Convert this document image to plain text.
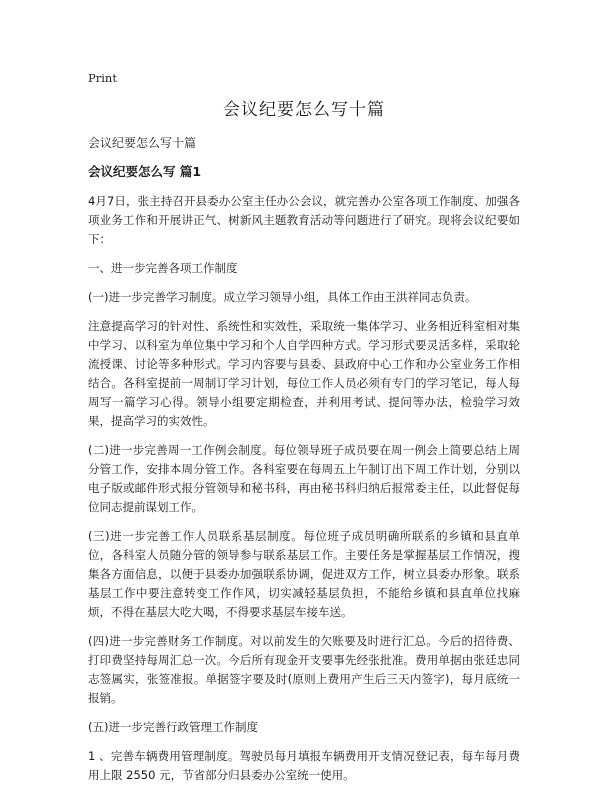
Print
会议纪要怎么写十篇

会议纪要怎么写十篇

会议纪要怎么写 篇1

4月7日，张主持召开县委办公室主任办公会议，就完善办公室各项工作制度、加强各项业务工作和开展讲正气、树新风主题教育活动等问题进行了研究。现将会议纪要如下：

一、进一步完善各项工作制度

(一)进一步完善学习制度。成立学习领导小组，具体工作由王洪祥同志负责。

注意提高学习的针对性、系统性和实效性，采取统一集体学习、业务相近科室相对集中学习、以科室为单位集中学习和个人自学四种方式。学习形式要灵活多样，采取轮流授课、讨论等多种形式。学习内容要与县委、县政府中心工作和办公室业务工作相结合。各科室提前一周制订学习计划，每位工作人员必须有专门的学习笔记，每人每周写一篇学习心得。领导小组要定期检查，并利用考试、提问等办法，检验学习效果，提高学习的实效性。

(二)进一步完善周一工作例会制度。每位领导班子成员要在周一例会上简要总结上周分管工作，安排本周分管工作。各科室要在每周五上午制订出下周工作计划，分别以电子版或邮件形式报分管领导和秘书科，再由秘书科归纳后报常委主任，以此督促每位同志提前谋划工作。

(三)进一步完善工作人员联系基层制度。每位班子成员明确所联系的乡镇和县直单位，各科室人员随分管的领导参与联系基层工作。主要任务是掌握基层工作情况，搜集各方面信息，以便于县委办加强联系协调，促进双方工作，树立县委办形象。联系基层工作中要注意转变工作作风，切实减轻基层负担，不能给乡镇和县直单位找麻烦，不得在基层大吃大喝，不得要求基层车接车送。

(四)进一步完善财务工作制度。对以前发生的欠账要及时进行汇总。今后的招待费、打印费坚持每周汇总一次。今后所有现金开支要事先经张批准。费用单据由张廷忠同志签属实，张签准报。单据签字要及时(原则上费用产生后三天内签字)，每月底统一报销。

(五)进一步完善行政管理工作制度

1 、完善车辆费用管理制度。驾驶员每月填报车辆费用开支情况登记表，每车每月费用上限 2550 元，节省部分归县委办公室统一使用。
